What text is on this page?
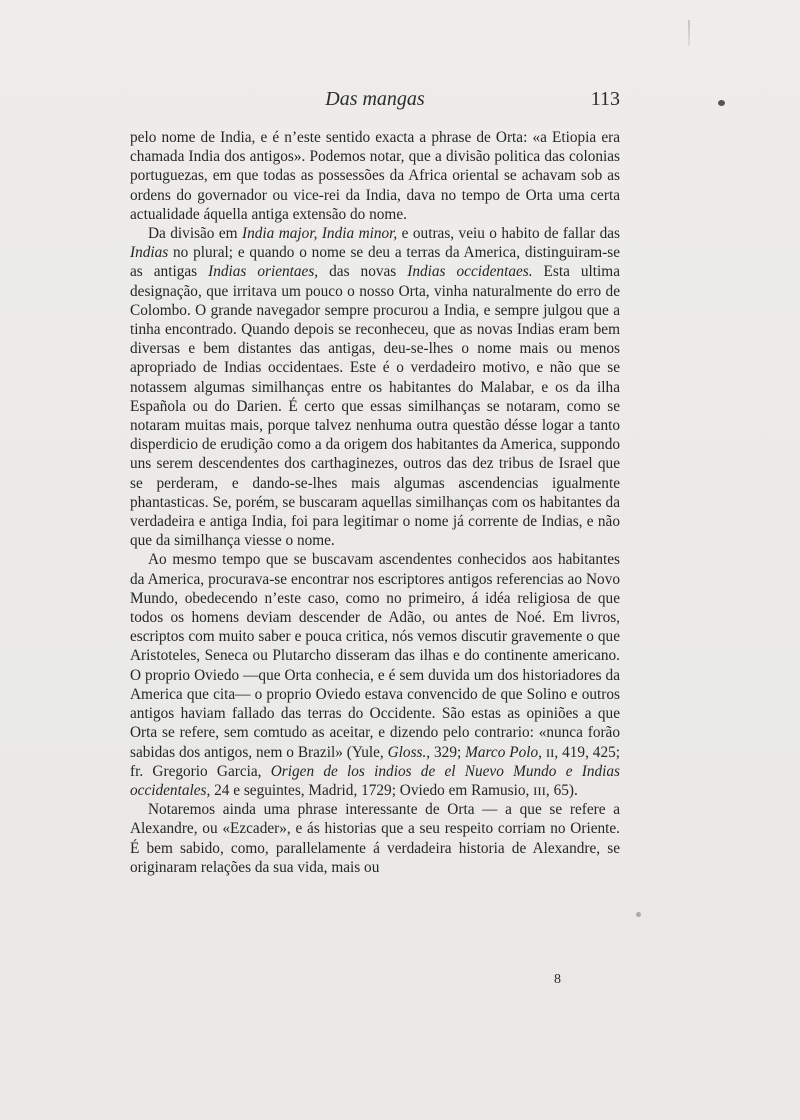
Das mangas	113

pelo nome de India, e é n’este sentido exacta a phrase de Orta: «a Etiopia era chamada India dos antigos». Podemos notar, que a divisão politica das colonias portuguezas, em que todas as possessões da Africa oriental se achavam sob as ordens do governador ou vice-rei da India, dava no tempo de Orta uma certa actualidade áquella antiga extensão do nome.

Da divisão em India major, India minor, e outras, veiu o habito de fallar das Indias no plural; e quando o nome se deu a terras da America, distinguiram-se as antigas Indias orientaes, das novas Indias occidentaes. Esta ultima designação, que irritava um pouco o nosso Orta, vinha naturalmente do erro de Colombo. O grande navegador sempre procurou a India, e sempre julgou que a tinha encontrado. Quando depois se reconheceu, que as novas Indias eram bem diversas e bem distantes das antigas, deu-se-lhes o nome mais ou menos apropriado de Indias occidentaes. Este é o verdadeiro motivo, e não que se notassem algumas similhanças entre os habitantes do Malabar, e os da ilha Española ou do Darien. É certo que essas similhanças se notaram, como se notaram muitas mais, porque talvez nenhuma outra questão désse logar a tanto disperdicio de erudição como a da origem dos habitantes da America, suppondo uns serem descendentes dos carthaginezes, outros das dez tribus de Israel que se perderam, e dando-se-lhes mais algumas ascendencias igualmente phantasticas. Se, porém, se buscaram aquellas similhanças com os habitantes da verdadeira e antiga India, foi para legitimar o nome já corrente de Indias, e não que da similhança viesse o nome.

Ao mesmo tempo que se buscavam ascendentes conhecidos aos habitantes da America, procurava-se encontrar nos escriptores antigos referencias ao Novo Mundo, obedecendo n’este caso, como no primeiro, á idéa religiosa de que todos os homens deviam descender de Adão, ou antes de Noé. Em livros, escriptos com muito saber e pouca critica, nós vemos discutir gravemente o que Aristoteles, Seneca ou Plutarcho disseram das ilhas e do continente americano. O proprio Oviedo —que Orta conhecia, e é sem duvida um dos historiadores da America que cita— o proprio Oviedo estava convencido de que Solino e outros antigos haviam fallado das terras do Occidente. São estas as opiniões a que Orta se refere, sem comtudo as aceitar, e dizendo pelo contrario: «nunca forão sabidas dos antigos, nem o Brazil» (Yule, Gloss., 329; Marco Polo, ɪɪ, 419, 425; fr. Gregorio Garcia, Origen de los indios de el Nuevo Mundo e Indias occidentales, 24 e seguintes, Madrid, 1729; Oviedo em Ramusio, ɪɪɪ, 65).

Notaremos ainda uma phrase interessante de Orta — a que se refere a Alexandre, ou «Ezcader», e ás historias que a seu respeito corriam no Oriente. É bem sabido, como, parallelamente á verdadeira historia de Alexandre, se originaram relações da sua vida, mais ou

8
